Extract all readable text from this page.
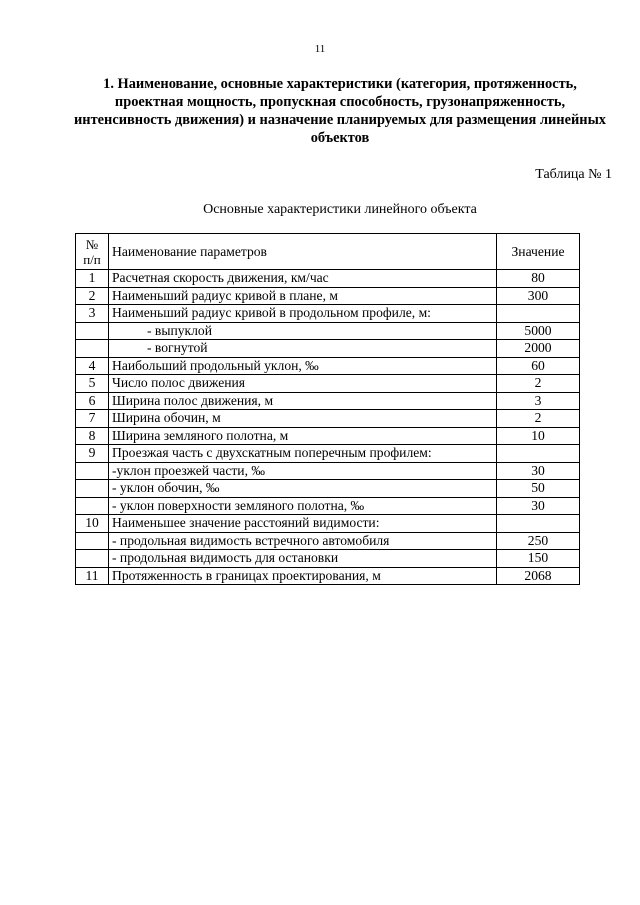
11
1. Наименование, основные характеристики (категория, протяженность, проектная мощность, пропускная способность, грузонапряженность, интенсивность движения) и назначение планируемых для размещения линейных объектов
Таблица № 1
Основные характеристики линейного объекта
№ п/п	Наименование параметров	Значение
1	Расчетная скорость движения, км/час	80
2	Наименьший радиус кривой в плане, м	300
3	Наименьший радиус кривой в продольном профиле, м:	
	- выпуклой	5000
	- вогнутой	2000
4	Наибольший продольный уклон, ‰	60
5	Число полос движения	2
6	Ширина полос движения, м	3
7	Ширина обочин, м	2
8	Ширина земляного полотна, м	10
9	Проезжая часть с двухскатным поперечным профилем:	
	-уклон проезжей части, ‰	30
	- уклон обочин, ‰	50
	- уклон поверхности земляного полотна, ‰	30
10	Наименьшее значение расстояний видимости:	
	- продольная видимость встречного автомобиля	250
	- продольная видимость для остановки	150
11	Протяженность в границах проектирования, м	2068
